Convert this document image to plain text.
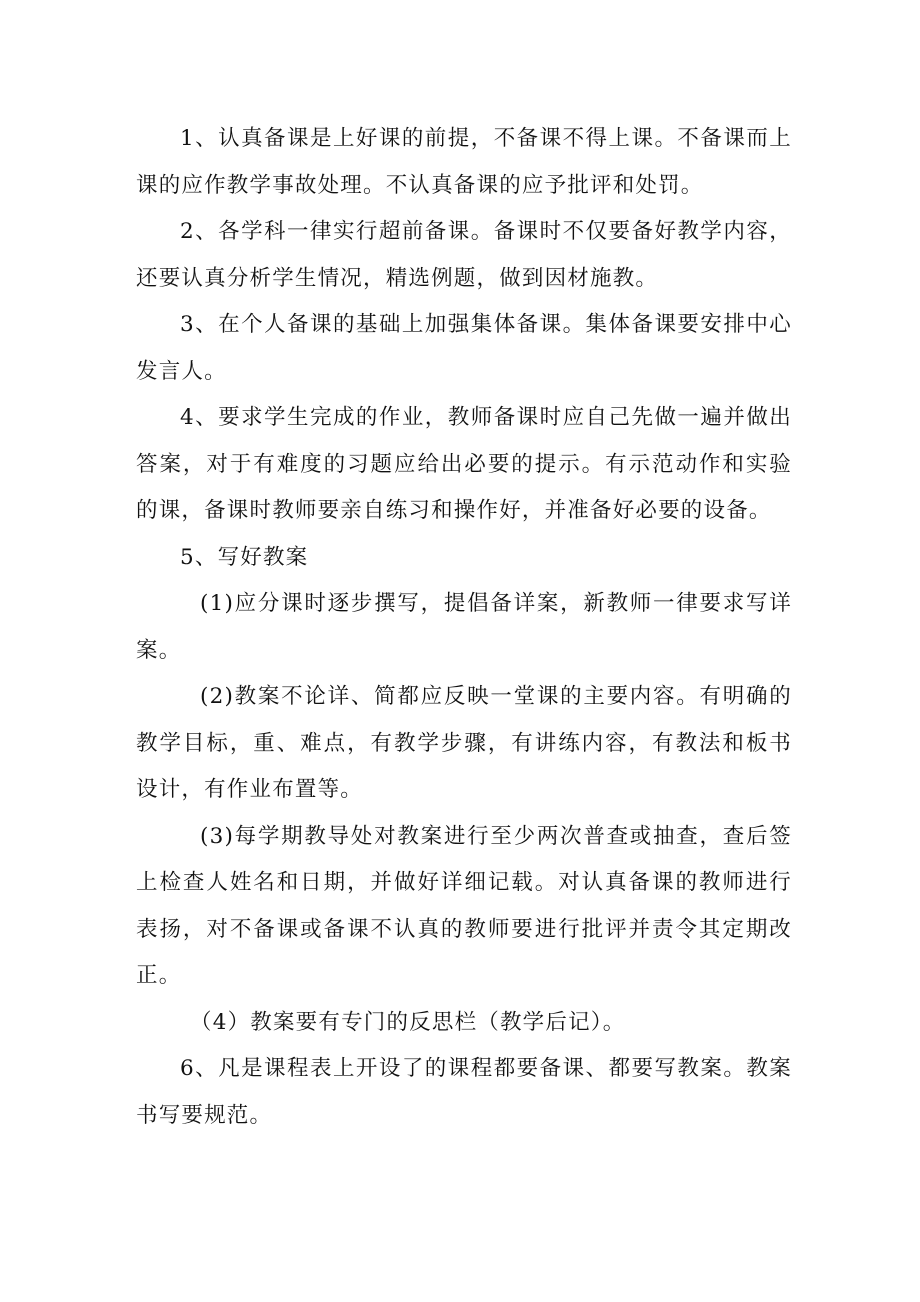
1、认真备课是上好课的前提，不备课不得上课。不备课而上课的应作教学事故处理。不认真备课的应予批评和处罚。

2、各学科一律实行超前备课。备课时不仅要备好教学内容，还要认真分析学生情况，精选例题，做到因材施教。

3、在个人备课的基础上加强集体备课。集体备课要安排中心发言人。

4、要求学生完成的作业，教师备课时应自己先做一遍并做出答案，对于有难度的习题应给出必要的提示。有示范动作和实验的课，备课时教师要亲自练习和操作好，并准备好必要的设备。

5、写好教案

(1)应分课时逐步撰写，提倡备详案，新教师一律要求写详案。

(2)教案不论详、简都应反映一堂课的主要内容。有明确的教学目标，重、难点，有教学步骤，有讲练内容，有教法和板书设计，有作业布置等。

(3)每学期教导处对教案进行至少两次普查或抽查，查后签上检查人姓名和日期，并做好详细记载。对认真备课的教师进行表扬，对不备课或备课不认真的教师要进行批评并责令其定期改正。

（4）教案要有专门的反思栏（教学后记）。

6、凡是课程表上开设了的课程都要备课、都要写教案。教案书写要规范。
